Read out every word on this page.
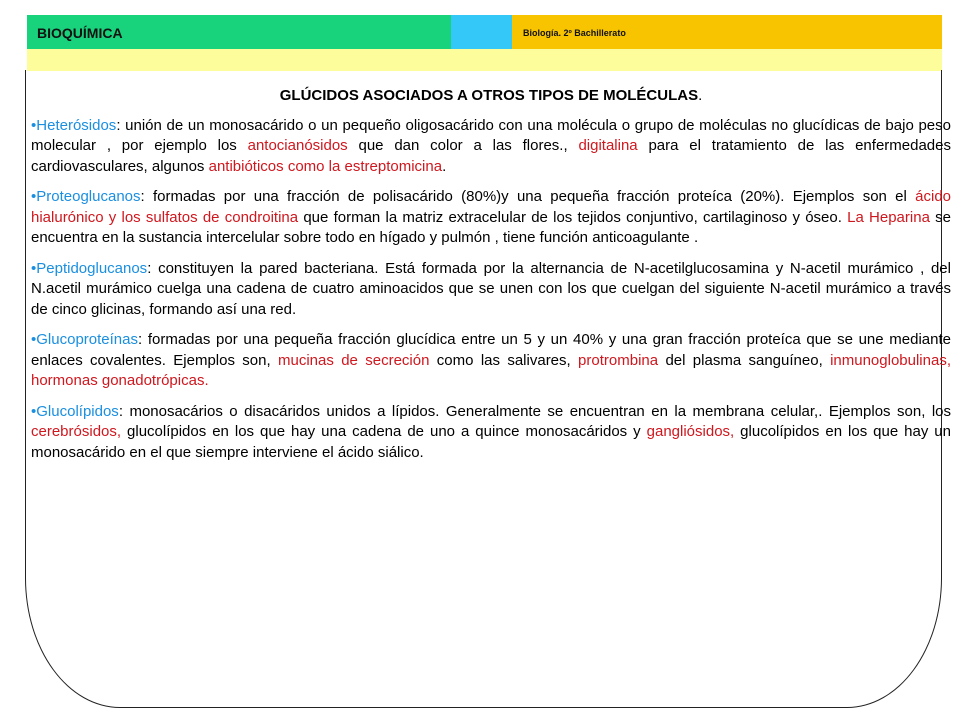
BIOQUÍMICA	Biología. 2º Bachillerato

GLÚCIDOS ASOCIADOS A OTROS TIPOS DE MOLÉCULAS.

•Heterósidos: unión de un monosacárido o un pequeño oligosacárido con una molécula o grupo de moléculas no glucídicas de bajo peso molecular , por ejemplo los antocianósidos que dan color a las flores., digitalina para el tratamiento de las enfermedades cardiovasculares, algunos antibióticos como la estreptomicina.

•Proteoglucanos: formadas por una fracción de polisacárido (80%)y una pequeña fracción proteíca (20%). Ejemplos son el ácido hialurónico y los sulfatos de condroitina que forman la matriz extracelular de los tejidos conjuntivo, cartilaginoso y óseo. La Heparina se encuentra en la sustancia intercelular sobre todo en hígado y pulmón , tiene función anticoagulante .

•Peptidoglucanos: constituyen la pared bacteriana. Está formada por la alternancia de N-acetilglucosamina y N-acetil murámico , del N.acetil murámico cuelga una cadena de cuatro aminoacidos que se unen con los que cuelgan del siguiente N-acetil murámico a través de cinco glicinas, formando así una red.

•Glucoproteínas: formadas por una pequeña fracción glucídica entre un 5 y un 40% y una gran fracción proteíca que se une mediante enlaces covalentes. Ejemplos son, mucinas de secreción como las salivares, protrombina del plasma sanguíneo, inmunoglobulinas, hormonas gonadotrópicas.

•Glucolípidos: monosacários o disacáridos unidos a lípidos. Generalmente se encuentran en la membrana celular,. Ejemplos son, los cerebrósidos, glucolípidos en los que hay una cadena de uno a quince monosacáridos y gangliósidos, glucolípidos en los que hay un monosacárido en el que siempre interviene el ácido siálico.
